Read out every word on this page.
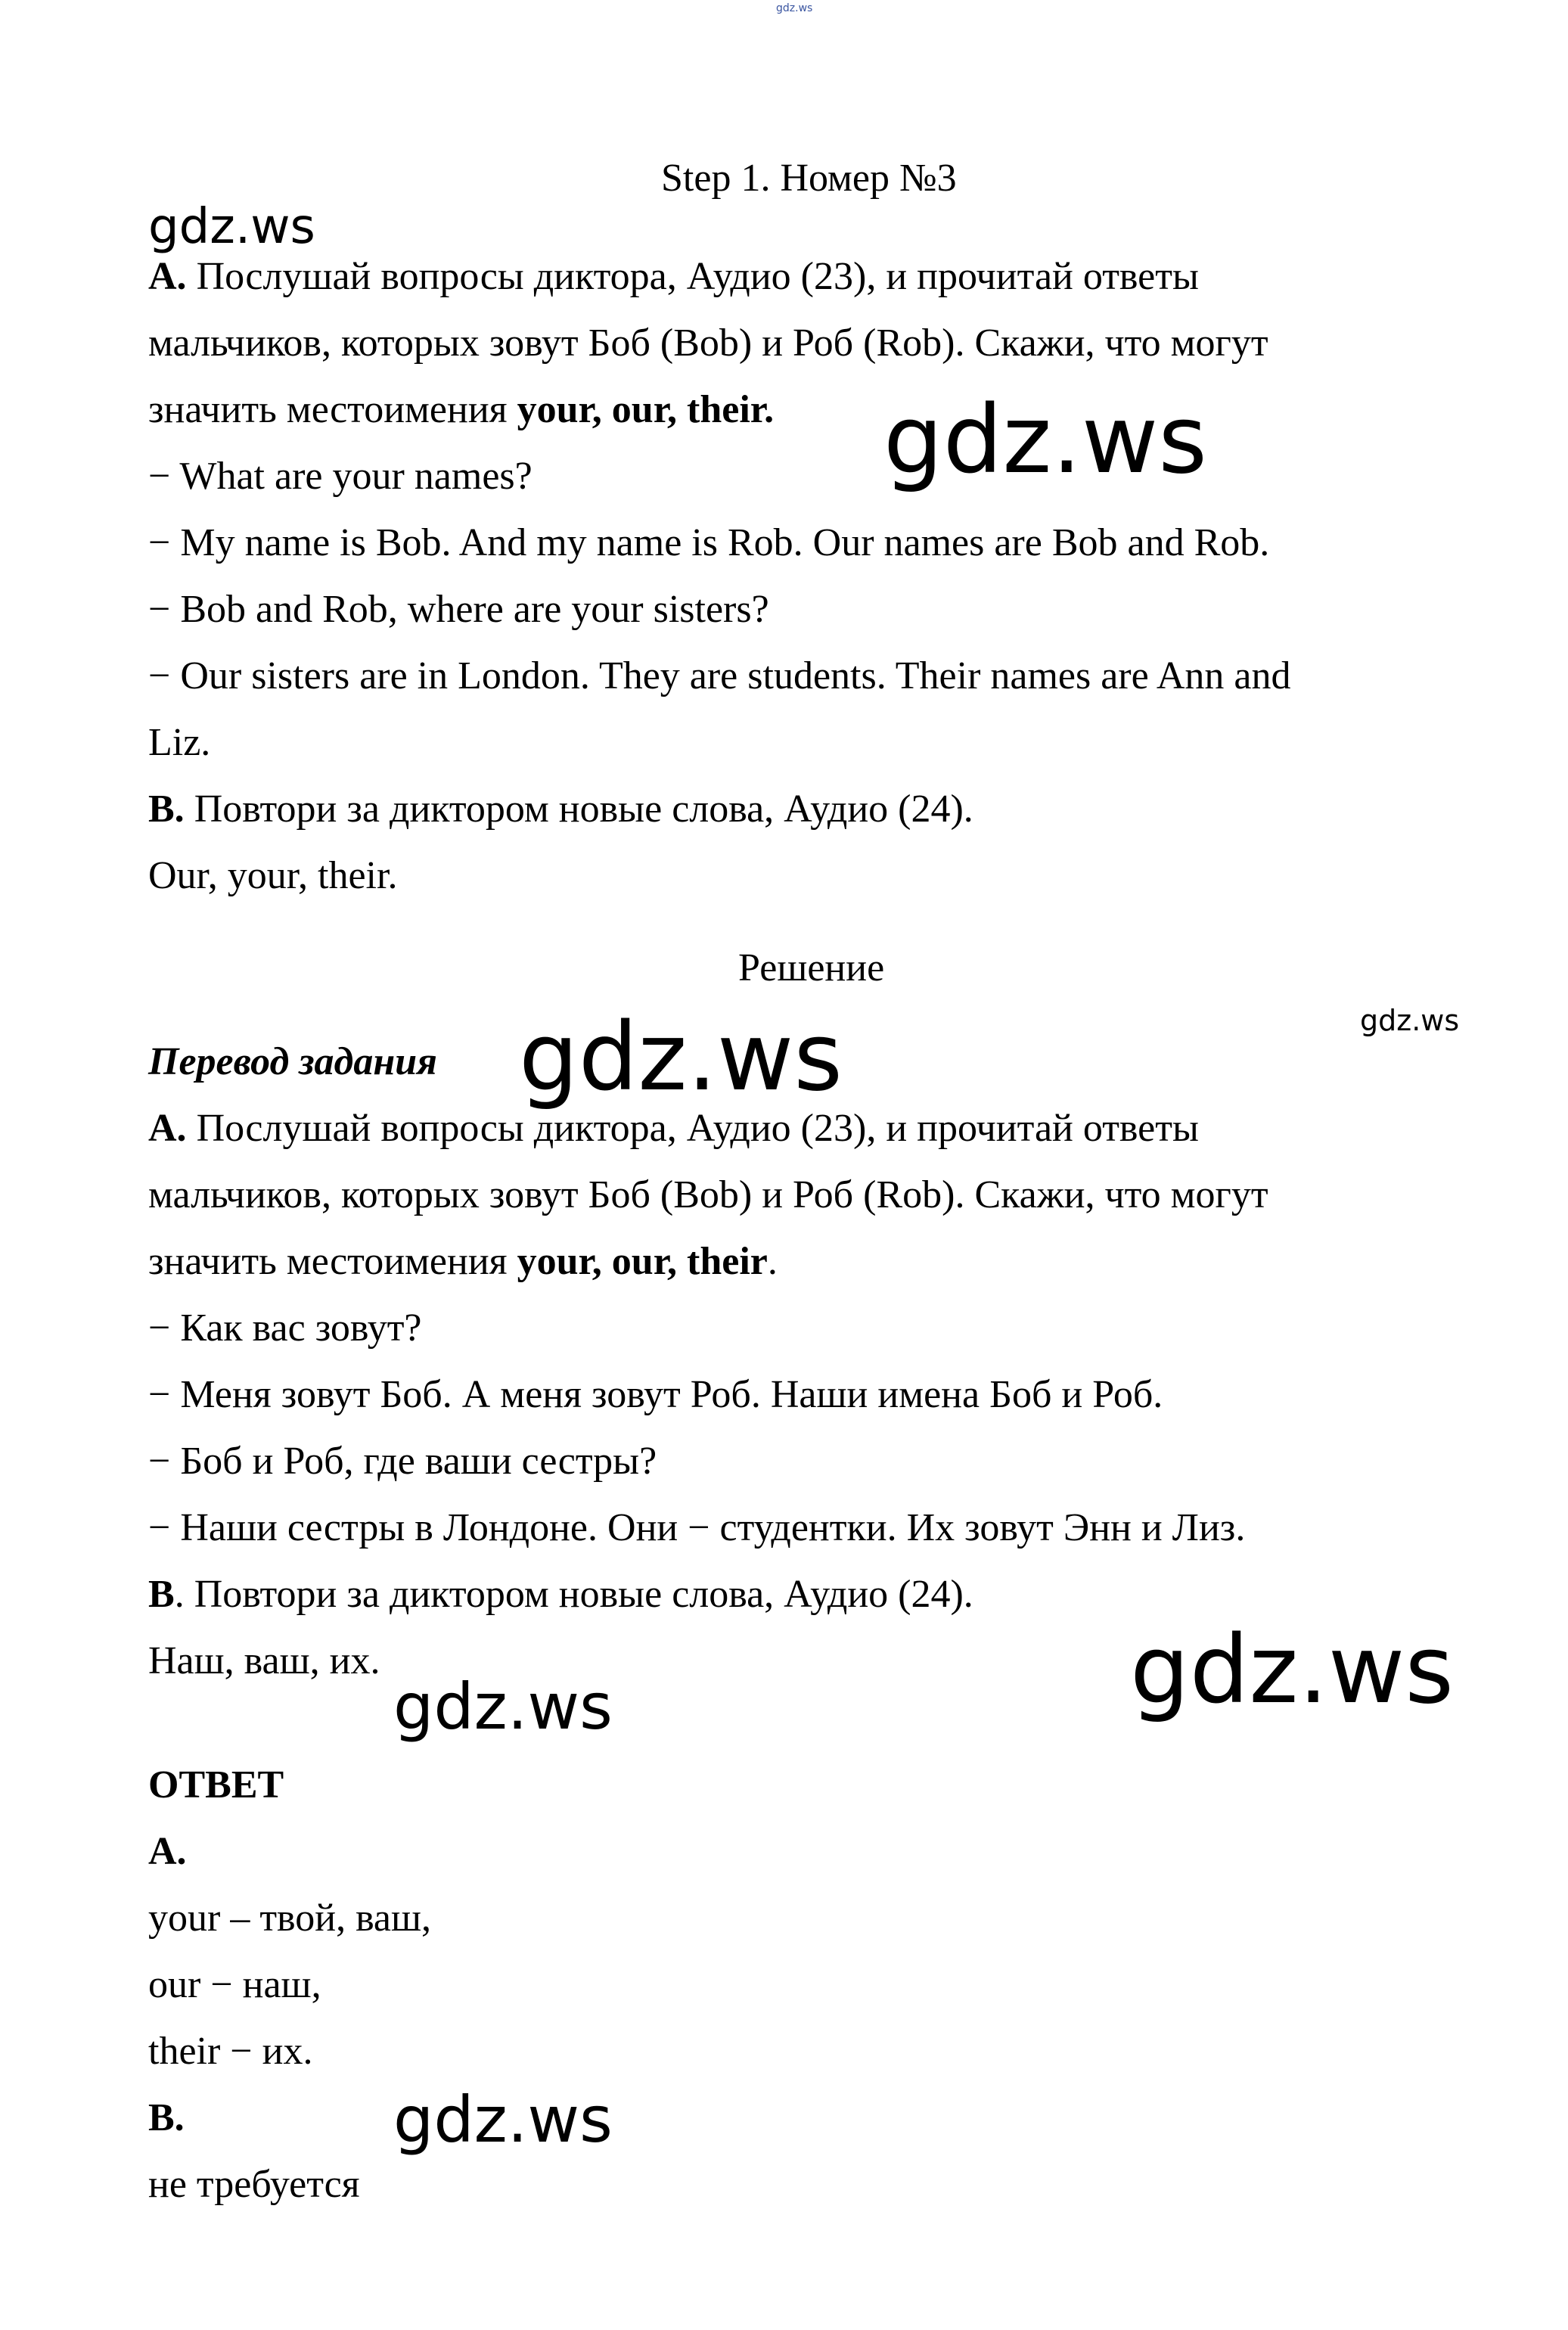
gdz.ws
Step 1. Номер №3
gdz.ws
А. Послушай вопросы диктора, Аудио (23), и прочитай ответы
мальчиков, которых зовут Боб (Bob) и Роб (Rob). Скажи, что могут
значить местоимения your, our, their. gdz.ws
− What are your names?
− My name is Bob. And my name is Rob. Our names are Bob and Rob.
− Bob and Rob, where are your sisters?
− Our sisters are in London. They are students. Their names are Ann and
Liz.
В. Повтори за диктором новые слова, Аудио (24).
Our, your, their.
Решение
gdz.ws
Перевод задания gdz.ws
А. Послушай вопросы диктора, Аудио (23), и прочитай ответы
мальчиков, которых зовут Боб (Bob) и Роб (Rob). Скажи, что могут
значить местоимения your, our, their.
− Как вас зовут?
− Меня зовут Боб. А меня зовут Роб. Наши имена Боб и Роб.
− Боб и Роб, где ваши сестры?
− Наши сестры в Лондоне. Они − студентки. Их зовут Энн и Лиз.
В. Повтори за диктором новые слова, Аудио (24).
Наш, ваш, их.	gdz.ws
gdz.ws
ОТВЕТ
А.
your – твой, ваш,
our − наш,
their − их.
В.	gdz.ws
не требуется
